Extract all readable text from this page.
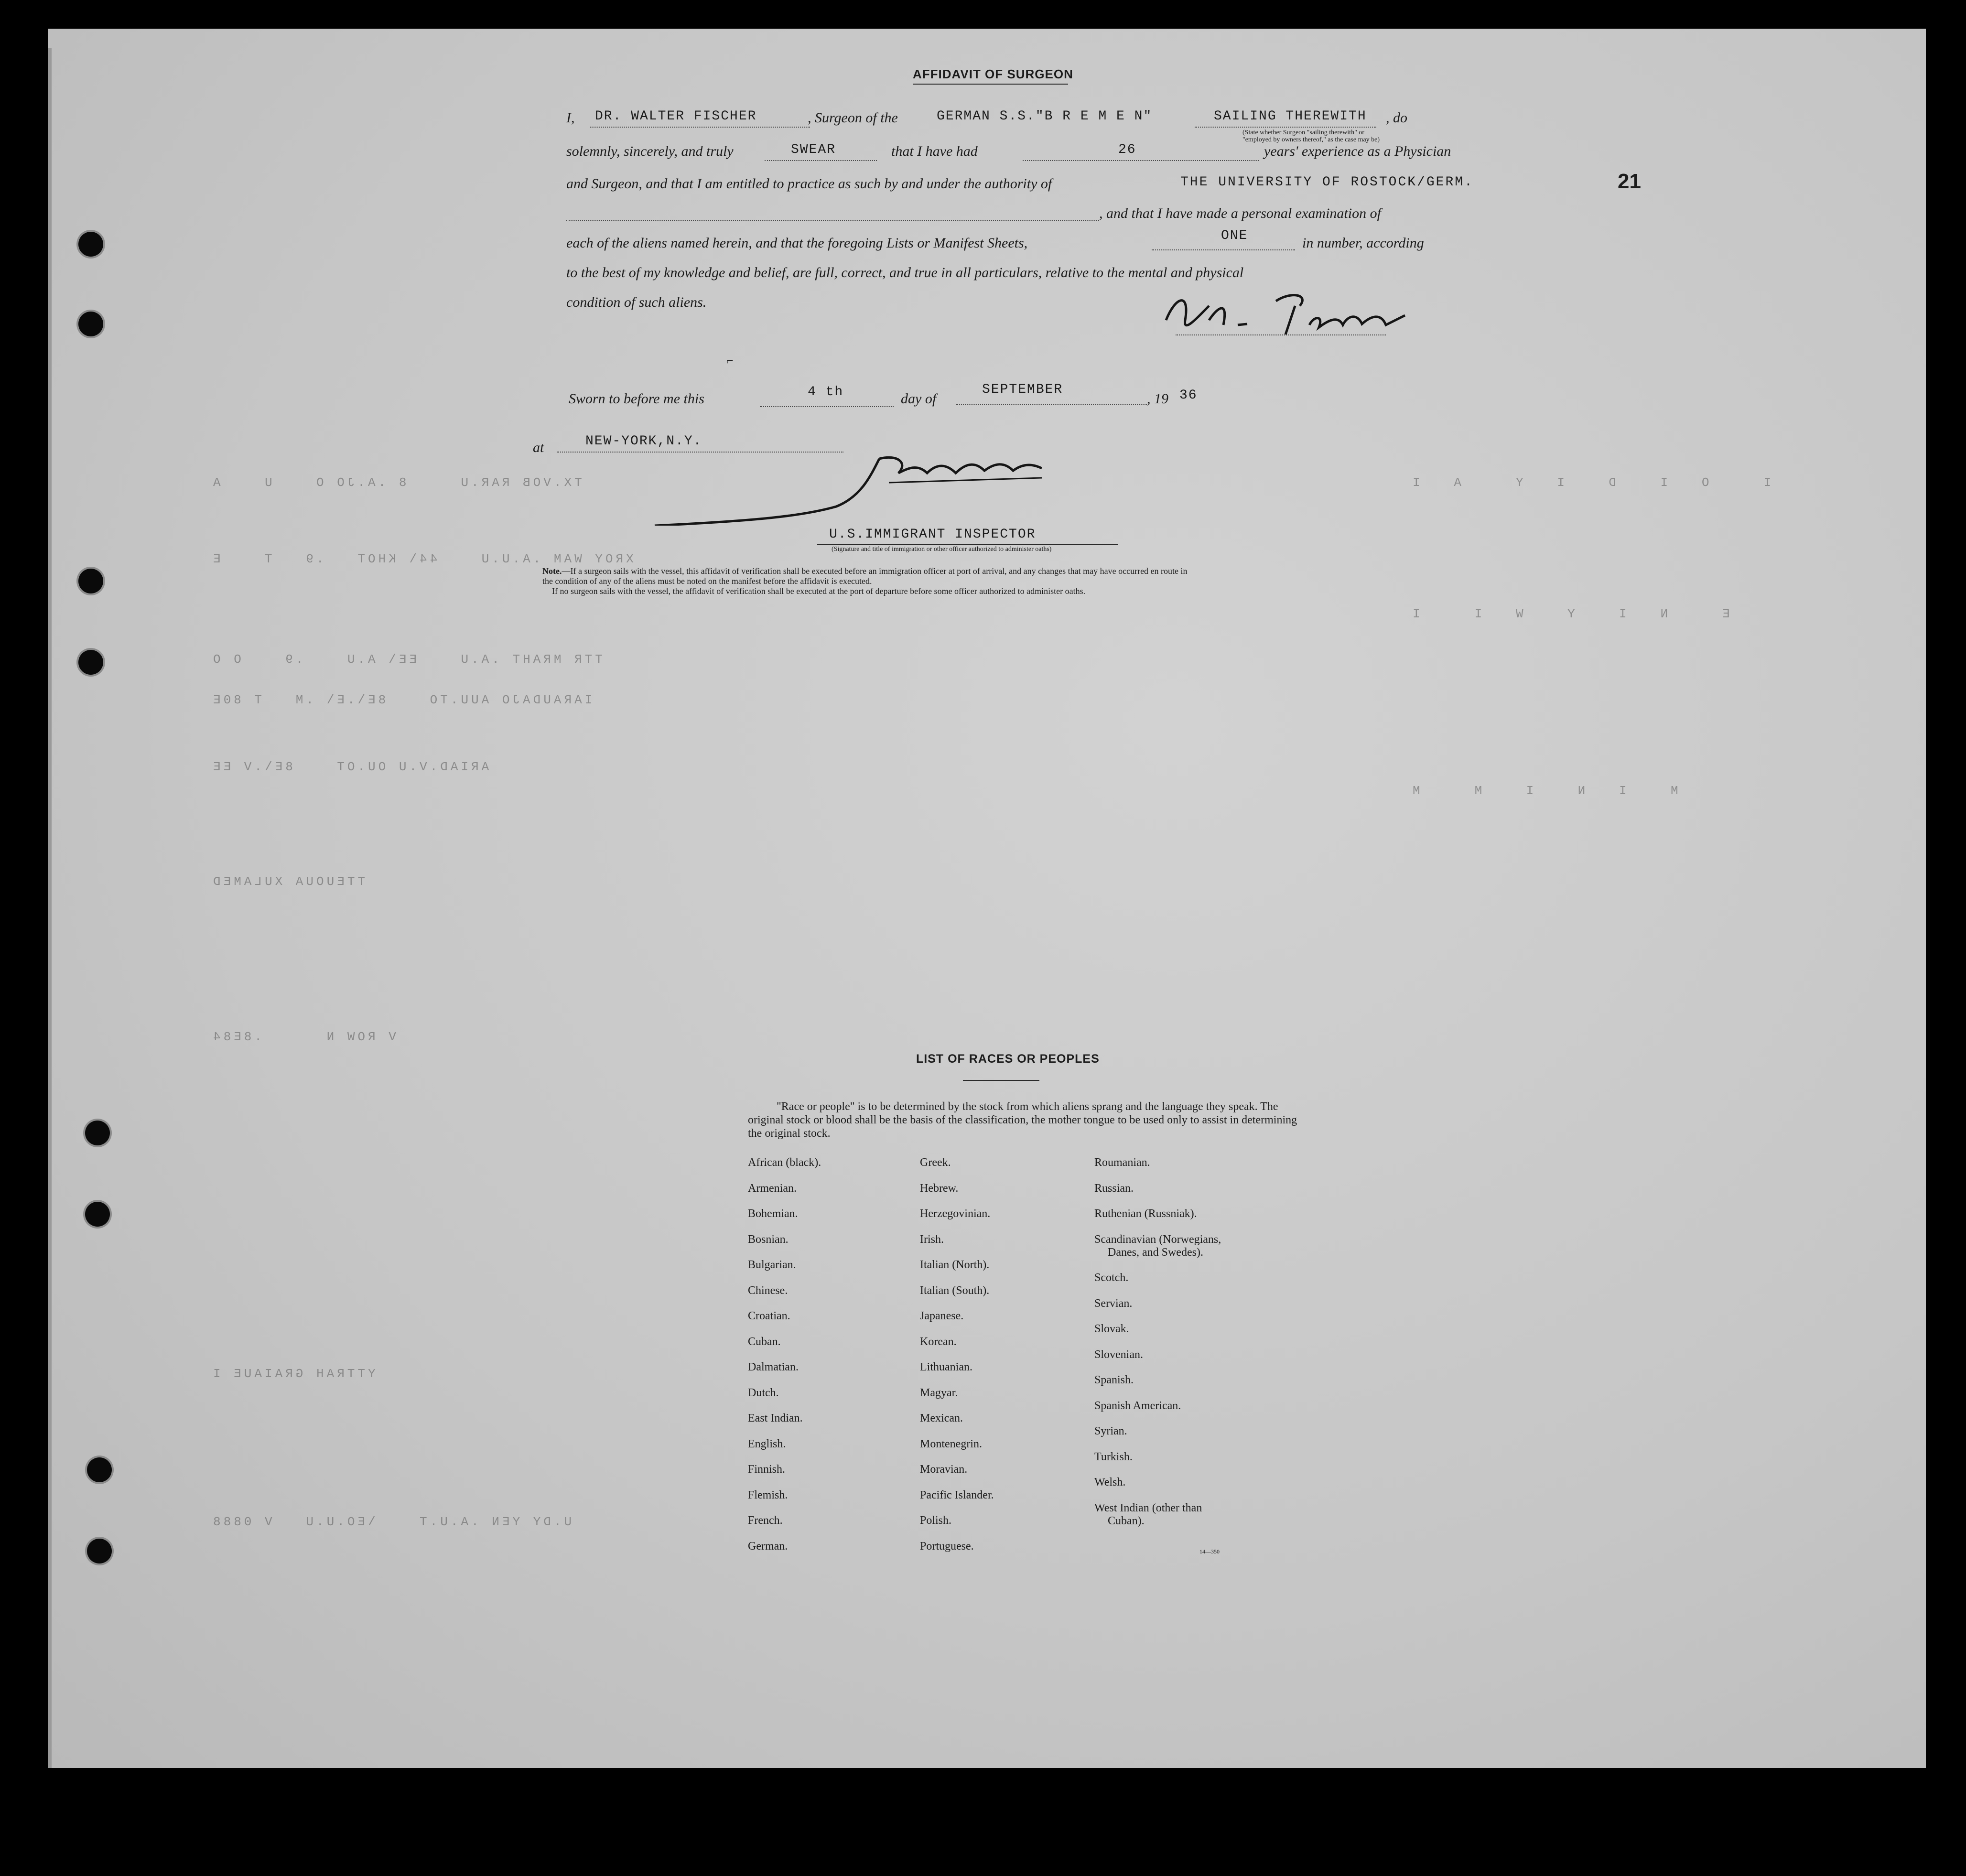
TX.VOB RAR.U     8 .A.JO O    U    A
XROY WAM .A.U.U    44\ KHOT   .9   T    E
TTR MRAHT .A.U    EE\ A.U    .9    O O
IARAUDAJO AUU.TO    8E\.E\ .M   T 80E
ARIAD.V.U OU.OT    8E\.V EE
TTEUOUA XULAMED
V ROW N      .8E84
YTTRAH GRAIAUE I
U.DY YEN .A.U.T    \EO.U.U   V 0888
I     O   I    D    I   Y     A   I
E     N   I    Y    W   I     I
M    I   N    I    M     M
21
AFFIDAVIT OF SURGEON
I, DR. WALTER FISCHER	, Surgeon of the	GERMAN S.S."B R E M E N"	SAILING THEREWITH , do
(State whether Surgeon "sailing therewith" or "employed by owners thereof," as the case may be)
solemnly, sincerely, and truly	SWEAR	that I have had	26	years' experience as a Physician
and Surgeon, and that I am entitled to practice as such by and under the authority of	THE UNIVERSITY OF ROSTOCK/GERM.
, and that I have made a personal examination of
each of the aliens named herein, and that the foregoing Lists or Manifest Sheets,	ONE	in number, according
to the best of my knowledge and belief, are full, correct, and true in all particulars, relative to the mental and physical
condition of such aliens.
⌐
Sworn to before me this	4 th	day of
SEPTEMBER
, 19 36
at	NEW-YORK,N.Y.
U.S.IMMIGRANT INSPECTOR
(Signature and title of immigration or other officer authorized to administer oaths)
Note.—If a surgeon sails with the vessel, this affidavit of verification shall be executed before an immigration officer at port of arrival, and any changes that may have occurred en route in
the condition of any of the aliens must be noted on the manifest before the affidavit is executed.
If no surgeon sails with the vessel, the affidavit of verification shall be executed at the port of departure before some officer authorized to administer oaths.
LIST OF RACES OR PEOPLES
"Race or people" is to be determined by the stock from which aliens sprang and the language they speak. The original stock or blood shall be the basis of the classification, the mother tongue to be used only to assist in determining the original stock.
African (black).
Armenian.
Bohemian.
Bosnian.
Bulgarian.
Chinese.
Croatian.
Cuban.
Dalmatian.
Dutch.
East Indian.
English.
Finnish.
Flemish.
French.
German.
Greek.
Hebrew.
Herzegovinian.
Irish.
Italian (North).
Italian (South).
Japanese.
Korean.
Lithuanian.
Magyar.
Mexican.
Montenegrin.
Moravian.
Pacific Islander.
Polish.
Portuguese.
Roumanian.
Russian.
Ruthenian (Russniak).
Scandinavian (Norwegians,
Danes, and Swedes).
Scotch.
Servian.
Slovak.
Slovenian.
Spanish.
Spanish American.
Syrian.
Turkish.
Welsh.
West Indian (other than
Cuban).
14—350
